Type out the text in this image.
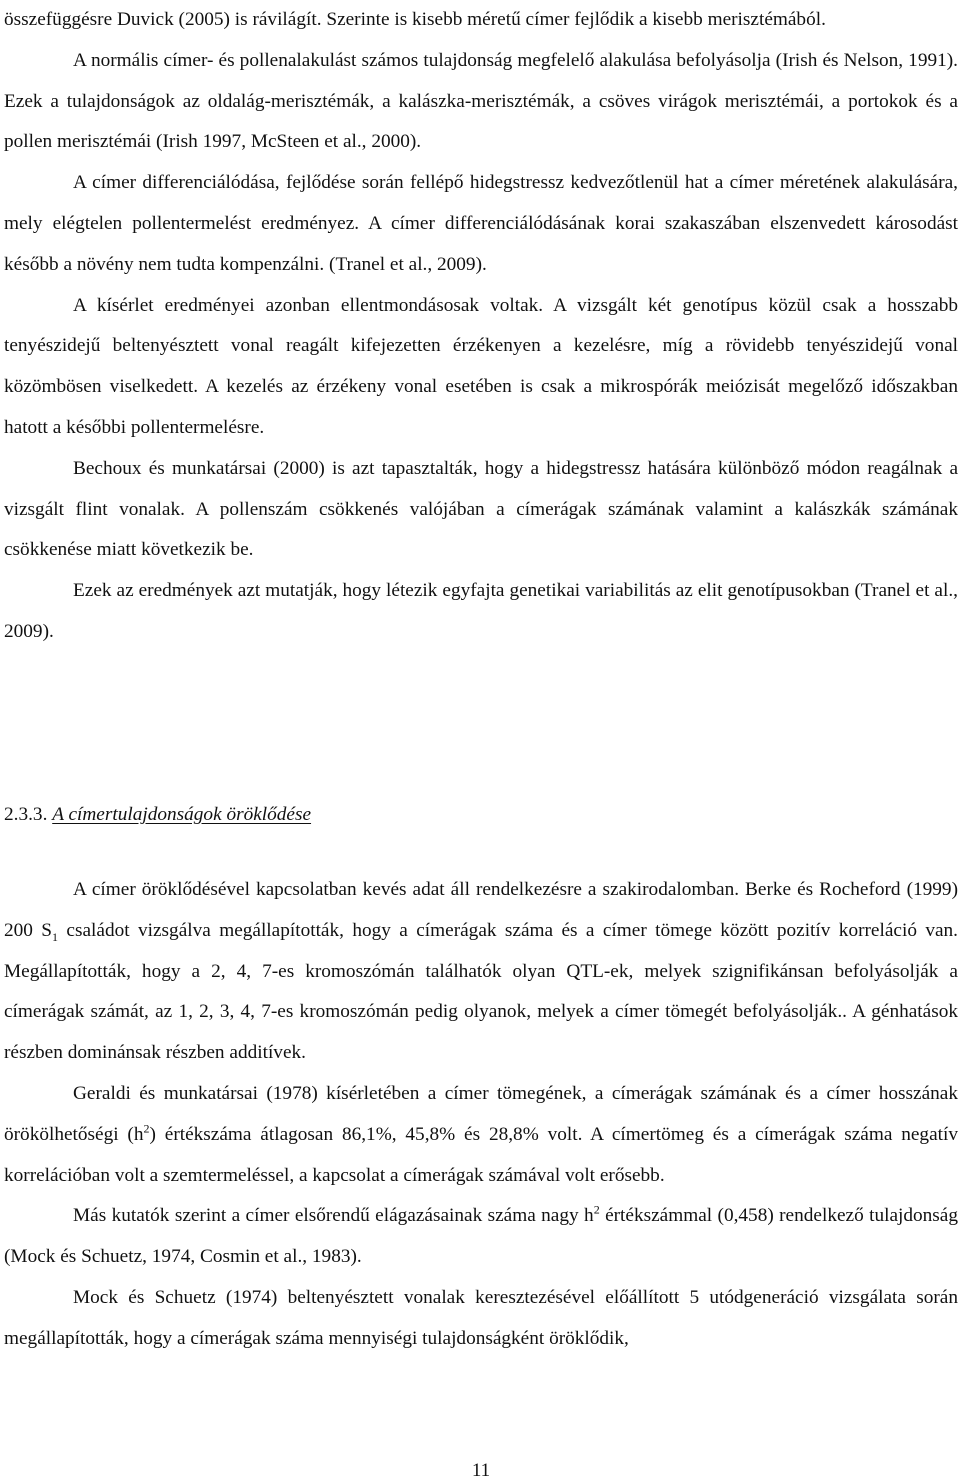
összefüggésre Duvick (2005) is rávilágít. Szerinte is kisebb méretű címer fejlődik a kisebb merisztémából.

A normális címer- és pollenalakulást számos tulajdonság megfelelő alakulása befolyásolja (Irish és Nelson, 1991). Ezek a tulajdonságok az oldalág-merisztémák, a kalászka-merisztémák, a csöves virágok merisztémái, a portokok és a pollen merisztémái (Irish 1997, McSteen et al., 2000).

A címer differenciálódása, fejlődése során fellépő hidegstressz kedvezőtlenül hat a címer méretének alakulására, mely elégtelen pollentermelést eredményez. A címer differenciálódásának korai szakaszában elszenvedett károsodást később a növény nem tudta kompenzálni. (Tranel et al., 2009).

A kísérlet eredményei azonban ellentmondásosak voltak. A vizsgált két genotípus közül csak a hosszabb tenyészidejű beltenyésztett vonal reagált kifejezetten érzékenyen a kezelésre, míg a rövidebb tenyészidejű vonal közömbösen viselkedett. A kezelés az érzékeny vonal esetében is csak a mikrospórák meiózisát megelőző időszakban hatott a későbbi pollentermelésre.

Bechoux és munkatársai (2000) is azt tapasztalták, hogy a hidegstressz hatására különböző módon reagálnak a vizsgált flint vonalak. A pollenszám csökkenés valójában a címerágak számának valamint a kalászkák számának csökkenése miatt következik be.

Ezek az eredmények azt mutatják, hogy létezik egyfajta genetikai variabilitás az elit genotípusokban (Tranel et al., 2009).

2.3.3. A címertulajdonságok öröklődése

A címer öröklődésével kapcsolatban kevés adat áll rendelkezésre a szakirodalomban. Berke és Rocheford (1999) 200 $S_1$ családot vizsgálva megállapították, hogy a címerágak száma és a címer tömege között pozitív korreláció van. Megállapították, hogy a 2, 4, 7-es kromoszómán találhatók olyan QTL-ek, melyek szignifikánsan befolyásolják a címerágak számát, az 1, 2, 3, 4, 7-es kromoszómán pedig olyanok, melyek a címer tömegét befolyásolják.. A génhatások részben dominánsak részben additívek.

Geraldi és munkatársai (1978) kísérletében a címer tömegének, a címerágak számának és a címer hosszának örökölhetőségi $(h^2)$ értékszáma átlagosan 86,1%, 45,8% és 28,8% volt. A címertömeg és a címerágak száma negatív korrelációban volt a szemtermeléssel, a kapcsolat a címerágak számával volt erősebb.

Más kutatók szerint a címer elsőrendű elágazásainak száma nagy $h^2$ értékszámmal (0,458) rendelkező tulajdonság (Mock és Schuetz, 1974, Cosmin et al., 1983).

Mock és Schuetz (1974) beltenyésztett vonalak keresztezésével előállított 5 utódgeneráció vizsgálata során megállapították, hogy a címerágak száma mennyiségi tulajdonságként öröklődik,

11
